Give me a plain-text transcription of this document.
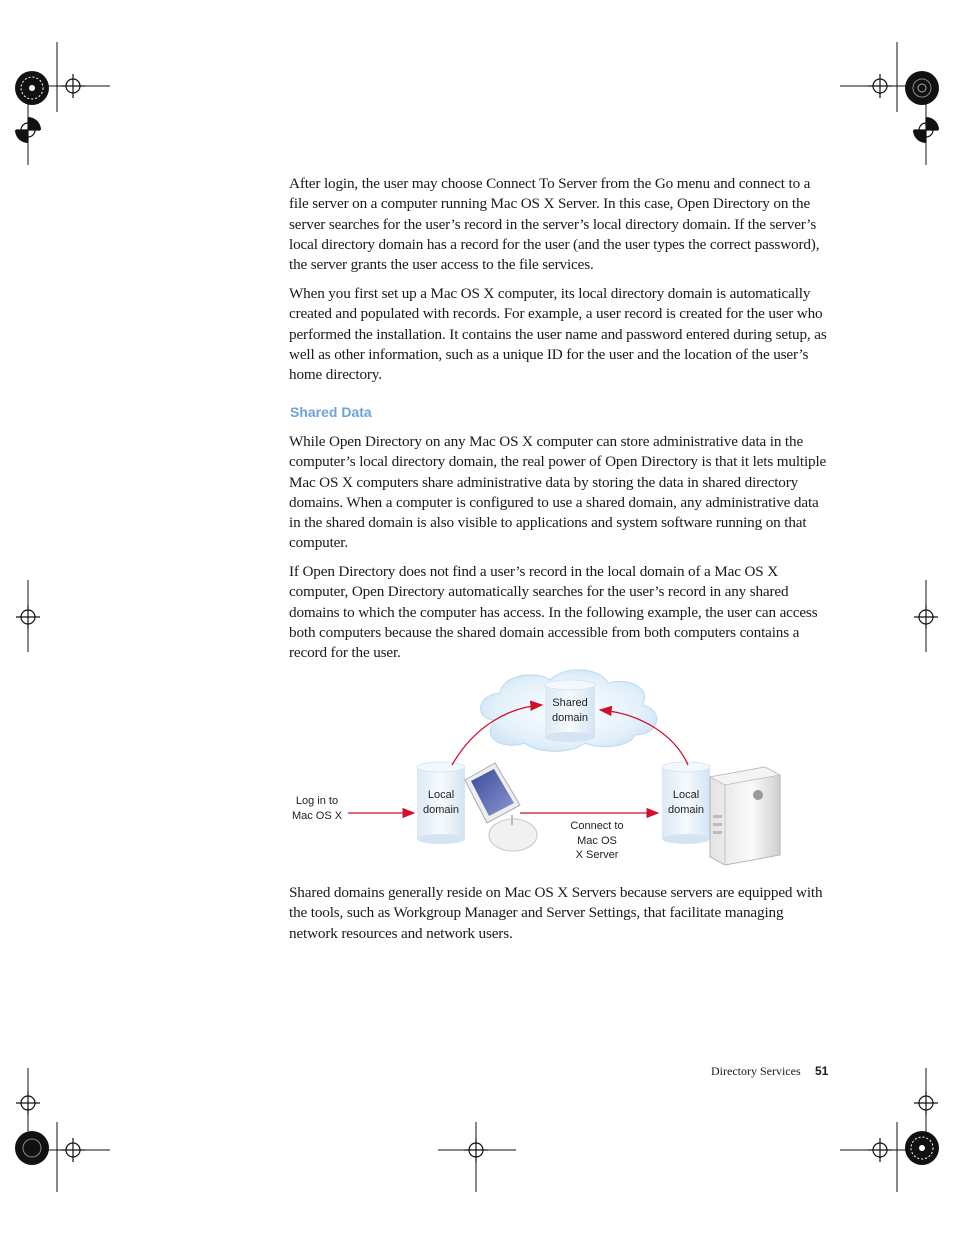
After login, the user may choose Connect To Server from the Go menu and connect to a file server on a computer running Mac OS X Server. In this case, Open Directory on the server searches for the user’s record in the server’s local directory domain. If the server’s local directory domain has a record for the user (and the user types the correct password), the server grants the user access to the file services.

When you first set up a Mac OS X computer, its local directory domain is automatically created and populated with records. For example, a user record is created for the user who performed the installation. It contains the user name and password entered during setup, as well as other information, such as a unique ID for the user and the location of the user’s home directory.

Shared Data

While Open Directory on any Mac OS X computer can store administrative data in the computer’s local directory domain, the real power of Open Directory is that it lets multiple Mac OS X computers share administrative data by storing the data in shared directory domains. When a computer is configured to use a shared domain, any administrative data in the shared domain is also visible to applications and system software running on that computer.

If Open Directory does not find a user’s record in the local domain of a Mac OS X computer, Open Directory automatically searches for the user’s record in any shared domains to which the computer has access. In the following example, the user can access both computers because the shared domain accessible from both computers contains a record for the user.

Shared
domain
Local
domain
Local
domain
Log in to
Mac OS X
Connect to
Mac OS
X Server

Shared domains generally reside on Mac OS X Servers because servers are equipped with the tools, such as Workgroup Manager and Server Settings, that facilitate managing network resources and network users.

Directory Services 51
